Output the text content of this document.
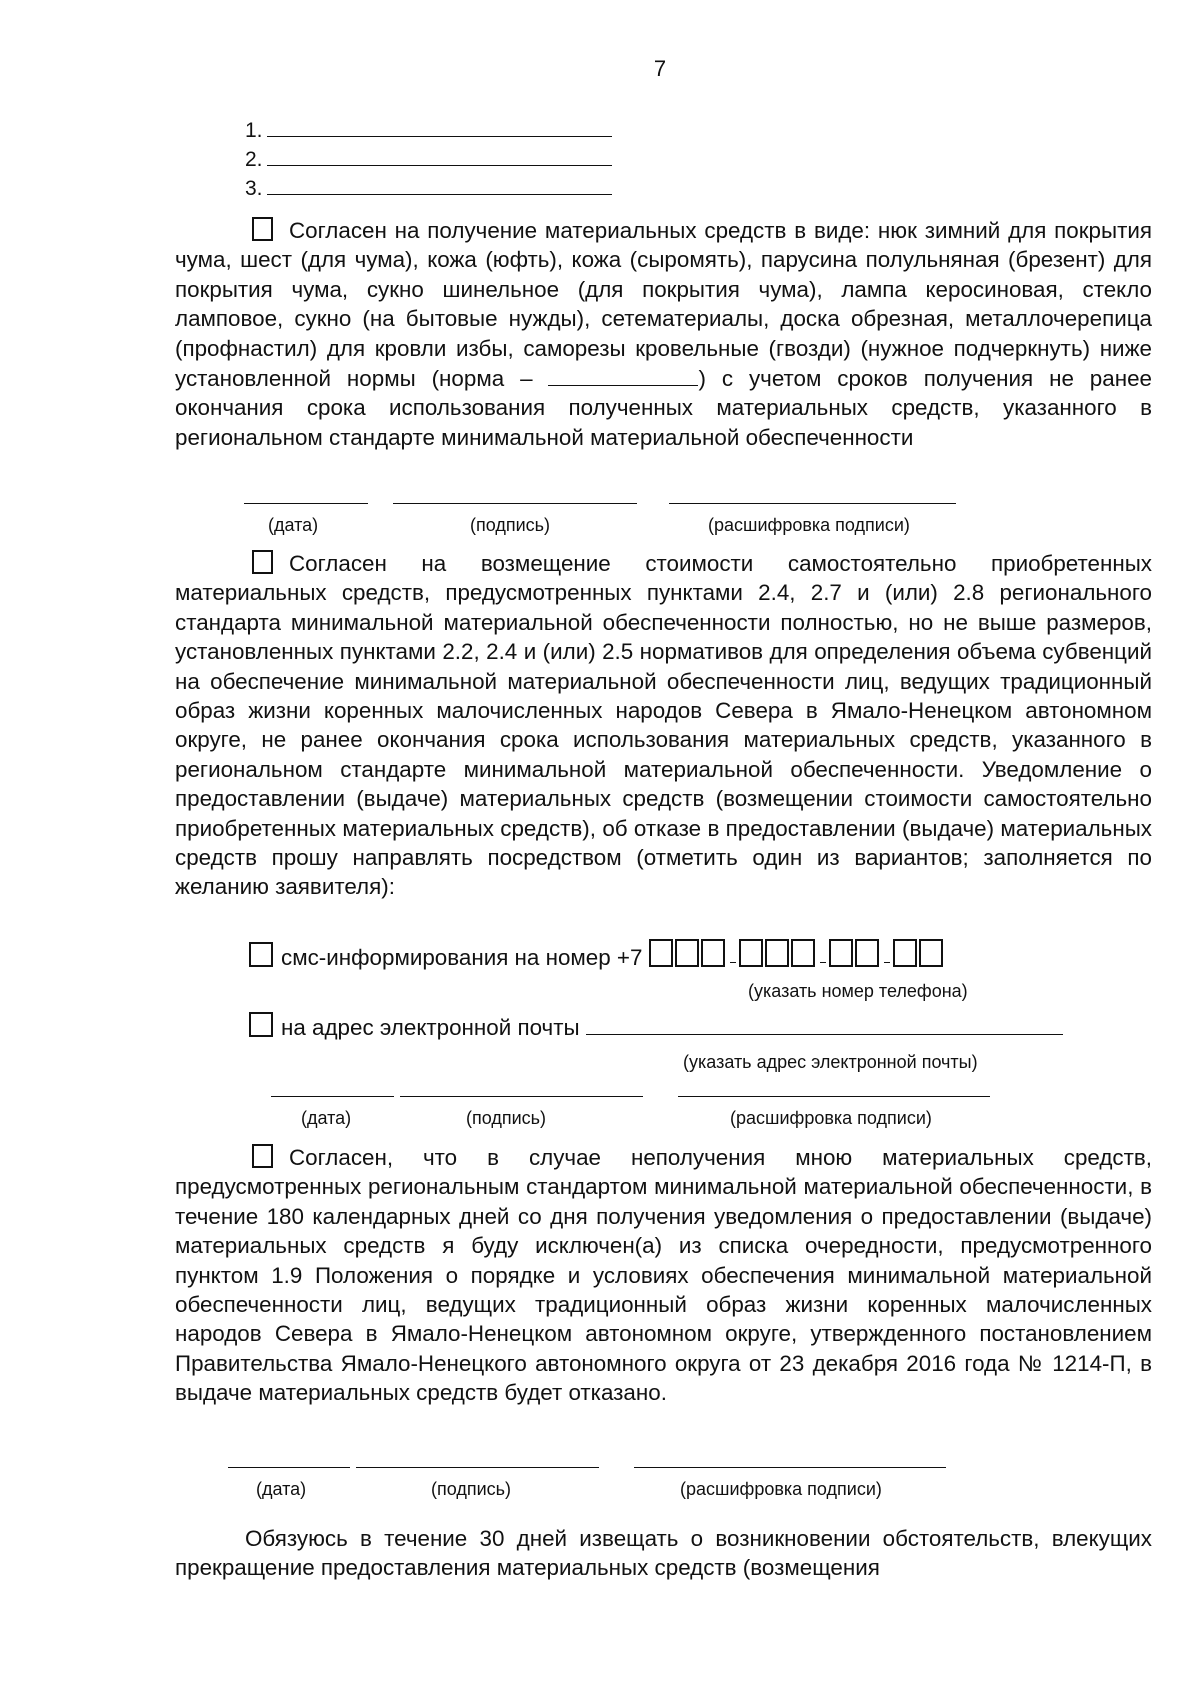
7
1.
2.
3.
Согласен на получение материальных средств в виде: нюк зимний для покрытия чума, шест (для чума), кожа (юфть), кожа (сыромять), парусина полульняная (брезент) для покрытия чума, сукно шинельное (для покрытия чума), лампа керосиновая, стекло ламповое, сукно (на бытовые нужды), сетематериалы, доска обрезная, металлочерепица (профнастил) для кровли избы, саморезы кровельные (гвозди) (нужное подчеркнуть) ниже установленной нормы (норма –	) с учетом сроков получения не ранее окончания срока использования полученных материальных средств, указанного в региональном стандарте минимальной материальной обеспеченности
(дата)	(подпись)	(расшифровка подписи)
Согласен на возмещение стоимости самостоятельно приобретенных материальных средств, предусмотренных пунктами 2.4, 2.7 и (или) 2.8 регионального стандарта минимальной материальной обеспеченности полностью, но не выше размеров, установленных пунктами 2.2, 2.4 и (или) 2.5 нормативов для определения объема субвенций на обеспечение минимальной материальной обеспеченности лиц, ведущих традиционный образ жизни коренных малочисленных народов Севера в Ямало-Ненецком автономном округе, не ранее окончания срока использования материальных средств, указанного в региональном стандарте минимальной материальной обеспеченности. Уведомление о предоставлении (выдаче) материальных средств (возмещении стоимости самостоятельно приобретенных материальных средств), об отказе в предоставлении (выдаче) материальных средств прошу направлять посредством (отметить один из вариантов; заполняется по желанию заявителя):
смс-информирования на номер +7
(указать номер телефона)
на адрес электронной почты
(указать адрес электронной почты)
(дата)	(подпись)	(расшифровка подписи)
Согласен, что в случае неполучения мною материальных средств, предусмотренных региональным стандартом минимальной материальной обеспеченности, в течение 180 календарных дней со дня получения уведомления о предоставлении (выдаче) материальных средств я буду исключен(а) из списка очередности, предусмотренного пунктом 1.9 Положения о порядке и условиях обеспечения минимальной материальной обеспеченности лиц, ведущих традиционный образ жизни коренных малочисленных народов Севера в Ямало-Ненецком автономном округе, утвержденного постановлением Правительства Ямало-Ненецкого автономного округа от 23 декабря 2016 года № 1214-П, в выдаче материальных средств будет отказано.
(дата)	(подпись)	(расшифровка подписи)
Обязуюсь в течение 30 дней извещать о возникновении обстоятельств, влекущих прекращение предоставления материальных средств (возмещения
